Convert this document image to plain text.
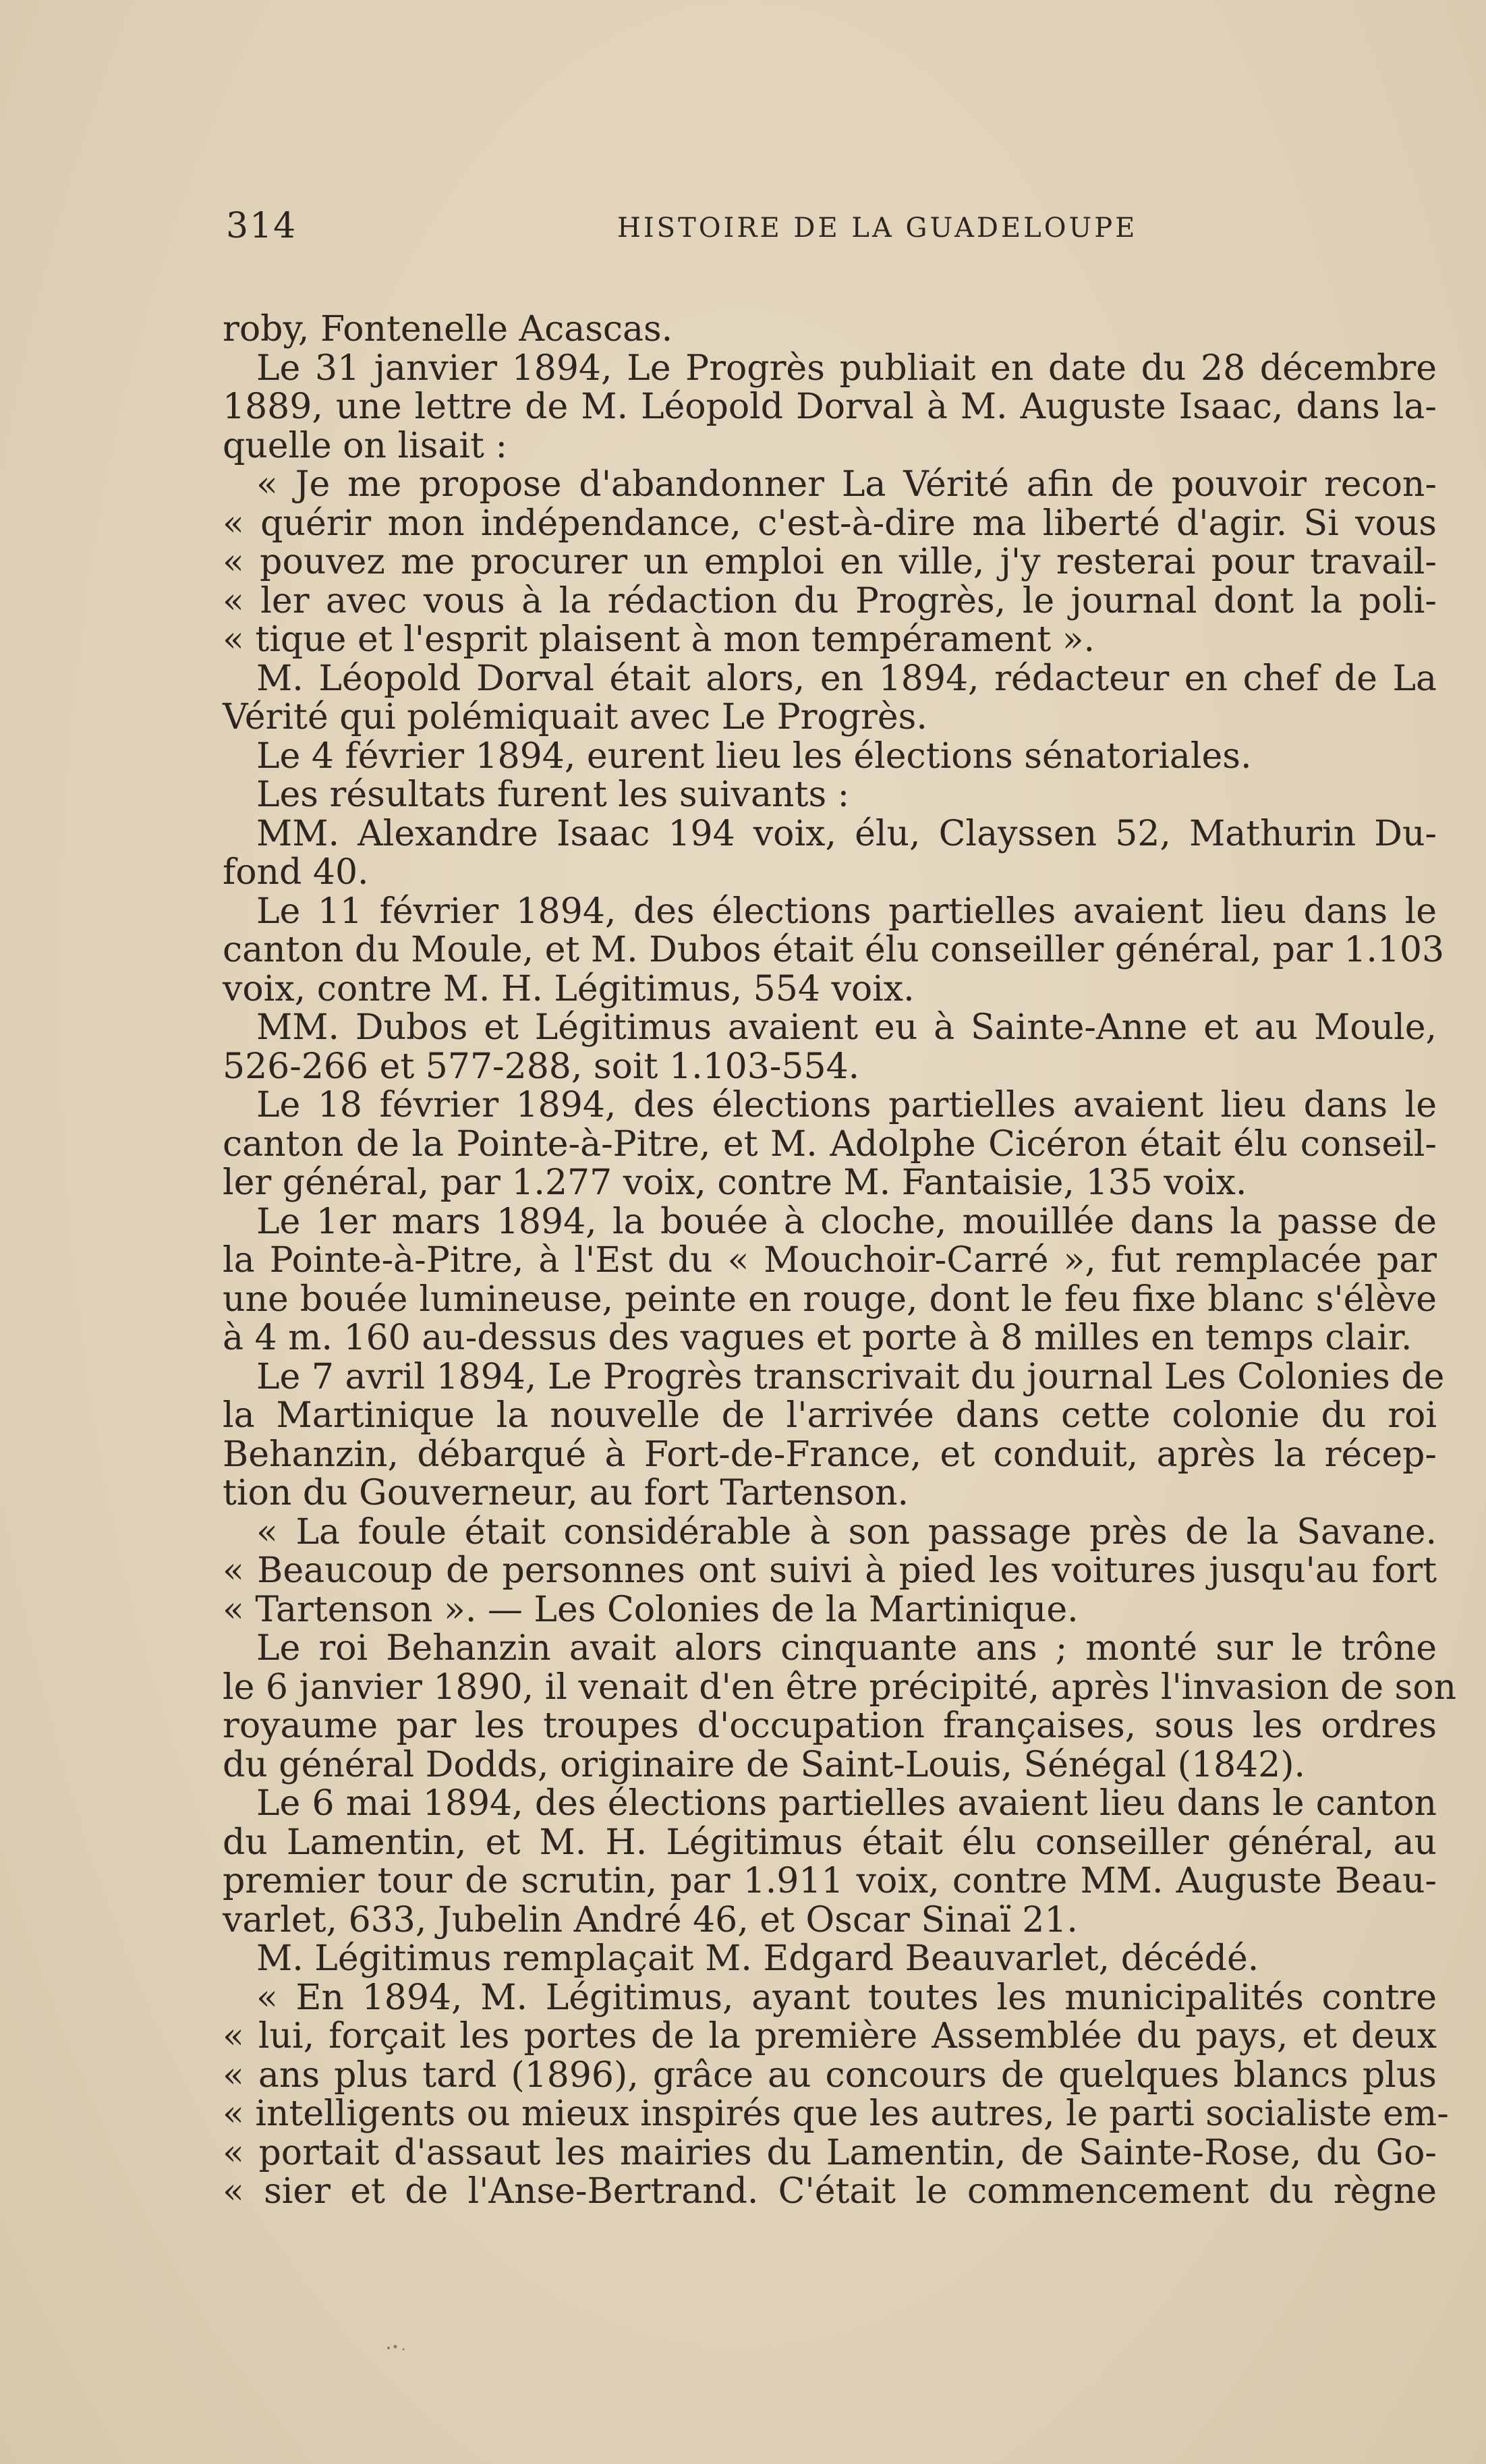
314	HISTOIRE DE LA GUADELOUPE
roby, Fontenelle Acascas.
Le 31 janvier 1894, Le Progrès publiait en date du 28 décembre
1889, une lettre de M. Léopold Dorval à M. Auguste Isaac, dans la-
quelle on lisait :
« Je me propose d'abandonner La Vérité afin de pouvoir recon-
« quérir mon indépendance, c'est-à-dire ma liberté d'agir. Si vous
« pouvez me procurer un emploi en ville, j'y resterai pour travail-
« ler avec vous à la rédaction du Progrès, le journal dont la poli-
« tique et l'esprit plaisent à mon tempérament ».
M. Léopold Dorval était alors, en 1894, rédacteur en chef de La
Vérité qui polémiquait avec Le Progrès.
Le 4 février 1894, eurent lieu les élections sénatoriales.
Les résultats furent les suivants :
MM. Alexandre Isaac 194 voix, élu, Clayssen 52, Mathurin Du-
fond 40.
Le 11 février 1894, des élections partielles avaient lieu dans le
canton du Moule, et M. Dubos était élu conseiller général, par 1.103
voix, contre M. H. Légitimus, 554 voix.
MM. Dubos et Légitimus avaient eu à Sainte-Anne et au Moule,
526-266 et 577-288, soit 1.103-554.
Le 18 février 1894, des élections partielles avaient lieu dans le
canton de la Pointe-à-Pitre, et M. Adolphe Cicéron était élu conseil-
ler général, par 1.277 voix, contre M. Fantaisie, 135 voix.
Le 1er mars 1894, la bouée à cloche, mouillée dans la passe de
la Pointe-à-Pitre, à l'Est du « Mouchoir-Carré », fut remplacée par
une bouée lumineuse, peinte en rouge, dont le feu fixe blanc s'élève
à 4 m. 160 au-dessus des vagues et porte à 8 milles en temps clair.
Le 7 avril 1894, Le Progrès transcrivait du journal Les Colonies de
la Martinique la nouvelle de l'arrivée dans cette colonie du roi
Behanzin, débarqué à Fort-de-France, et conduit, après la récep-
tion du Gouverneur, au fort Tartenson.
« La foule était considérable à son passage près de la Savane.
« Beaucoup de personnes ont suivi à pied les voitures jusqu'au fort
« Tartenson ». — Les Colonies de la Martinique.
Le roi Behanzin avait alors cinquante ans ; monté sur le trône
le 6 janvier 1890, il venait d'en être précipité, après l'invasion de son
royaume par les troupes d'occupation françaises, sous les ordres
du général Dodds, originaire de Saint-Louis, Sénégal (1842).
Le 6 mai 1894, des élections partielles avaient lieu dans le canton
du Lamentin, et M. H. Légitimus était élu conseiller général, au
premier tour de scrutin, par 1.911 voix, contre MM. Auguste Beau-
varlet, 633, Jubelin André 46, et Oscar Sinaï 21.
M. Légitimus remplaçait M. Edgard Beauvarlet, décédé.
« En 1894, M. Légitimus, ayant toutes les municipalités contre
« lui, forçait les portes de la première Assemblée du pays, et deux
« ans plus tard (1896), grâce au concours de quelques blancs plus
« intelligents ou mieux inspirés que les autres, le parti socialiste em-
« portait d'assaut les mairies du Lamentin, de Sainte-Rose, du Go-
« sier et de l'Anse-Bertrand. C'était le commencement du règne
